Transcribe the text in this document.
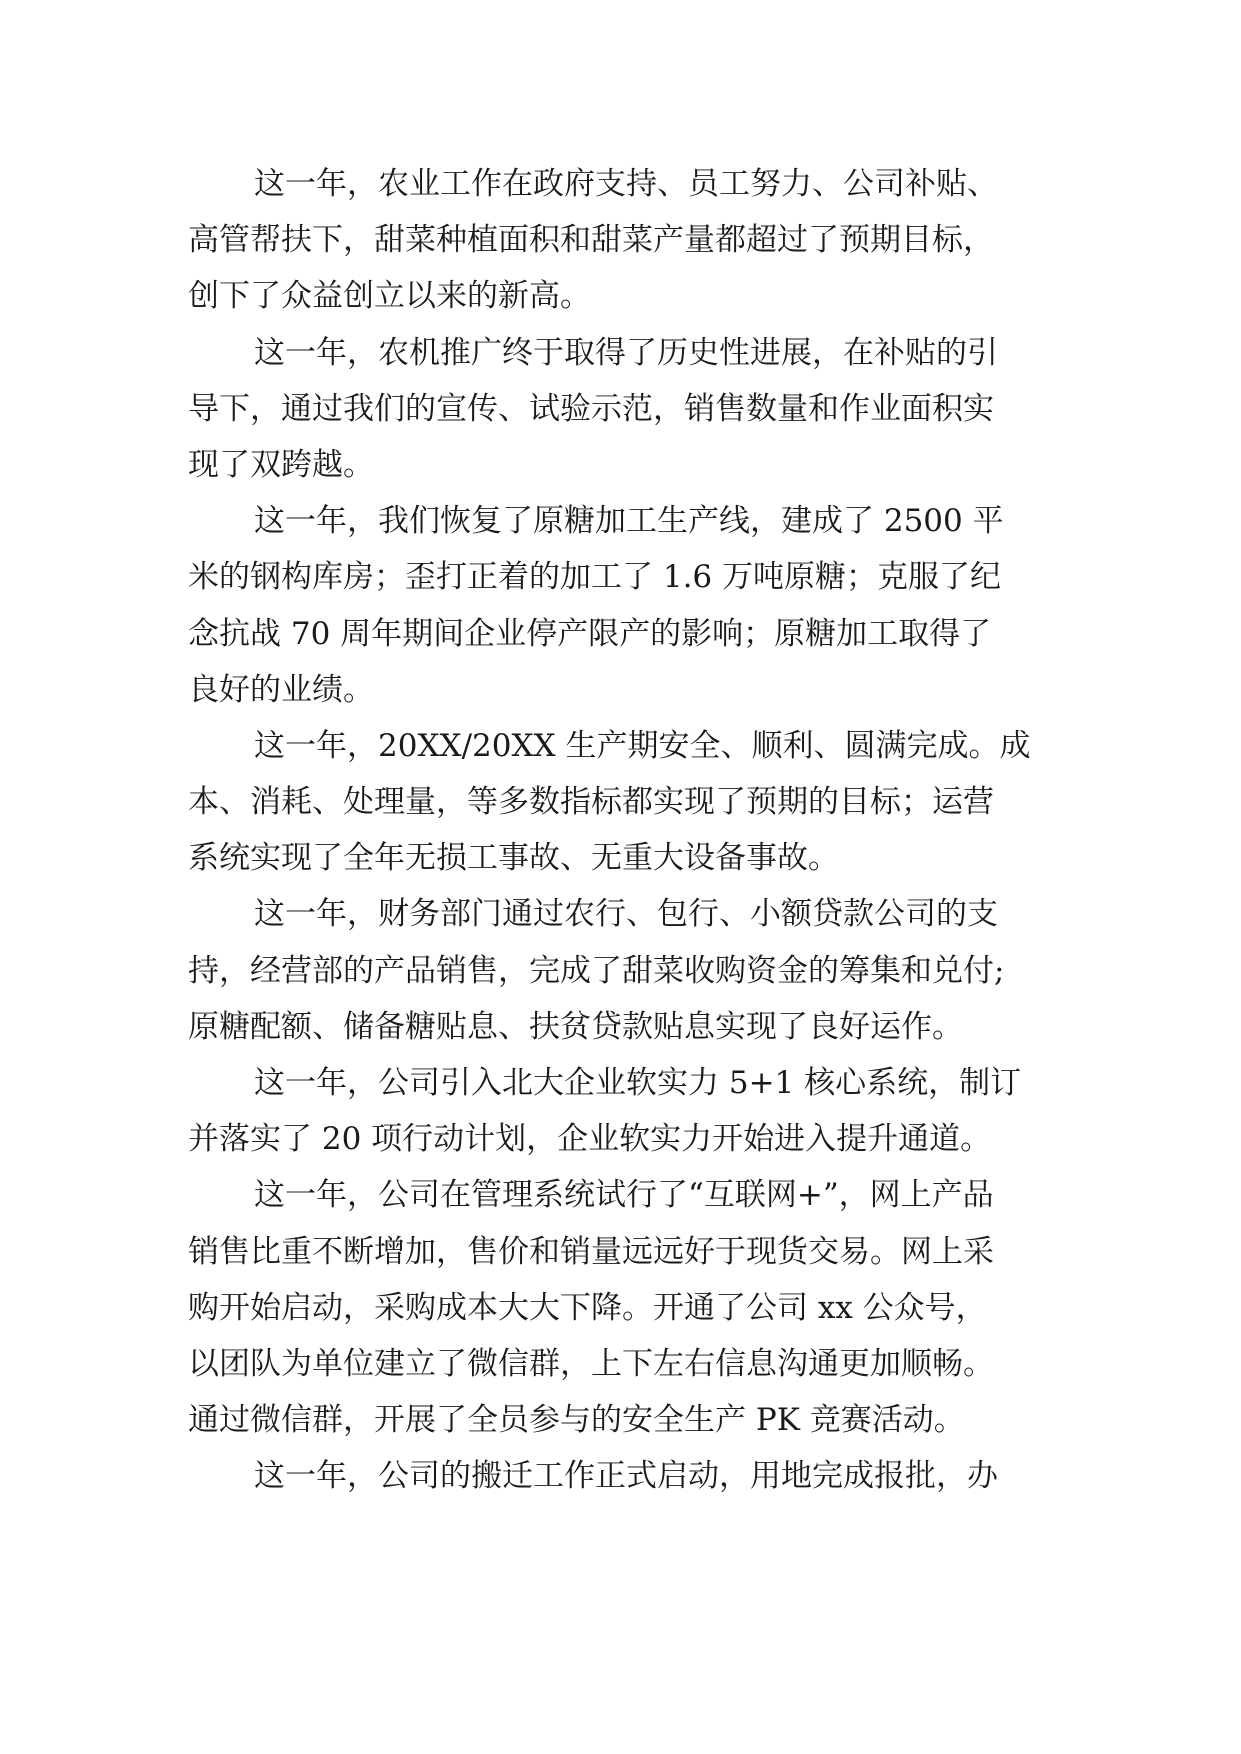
这一年，农业工作在政府支持、员工努力、公司补贴、
高管帮扶下，甜菜种植面积和甜菜产量都超过了预期目标，
创下了众益创立以来的新高。

这一年，农机推广终于取得了历史性进展，在补贴的引
导下，通过我们的宣传、试验示范，销售数量和作业面积实
现了双跨越。

这一年，我们恢复了原糖加工生产线，建成了 2500 平
米的钢构库房；歪打正着的加工了 1.6 万吨原糖；克服了纪
念抗战 70 周年期间企业停产限产的影响；原糖加工取得了
良好的业绩。

这一年，20XX/20XX 生产期安全、顺利、圆满完成。成
本、消耗、处理量，等多数指标都实现了预期的目标；运营
系统实现了全年无损工事故、无重大设备事故。

这一年，财务部门通过农行、包行、小额贷款公司的支
持，经营部的产品销售，完成了甜菜收购资金的筹集和兑付;
原糖配额、储备糖贴息、扶贫贷款贴息实现了良好运作。

这一年，公司引入北大企业软实力 5+1 核心系统，制订
并落实了 20 项行动计划，企业软实力开始进入提升通道。

这一年，公司在管理系统试行了“互联网+”，网上产品
销售比重不断增加，售价和销量远远好于现货交易。网上采
购开始启动，采购成本大大下降。开通了公司 xx 公众号，
以团队为单位建立了微信群，上下左右信息沟通更加顺畅。
通过微信群，开展了全员参与的安全生产 PK 竞赛活动。

这一年，公司的搬迁工作正式启动，用地完成报批，办
